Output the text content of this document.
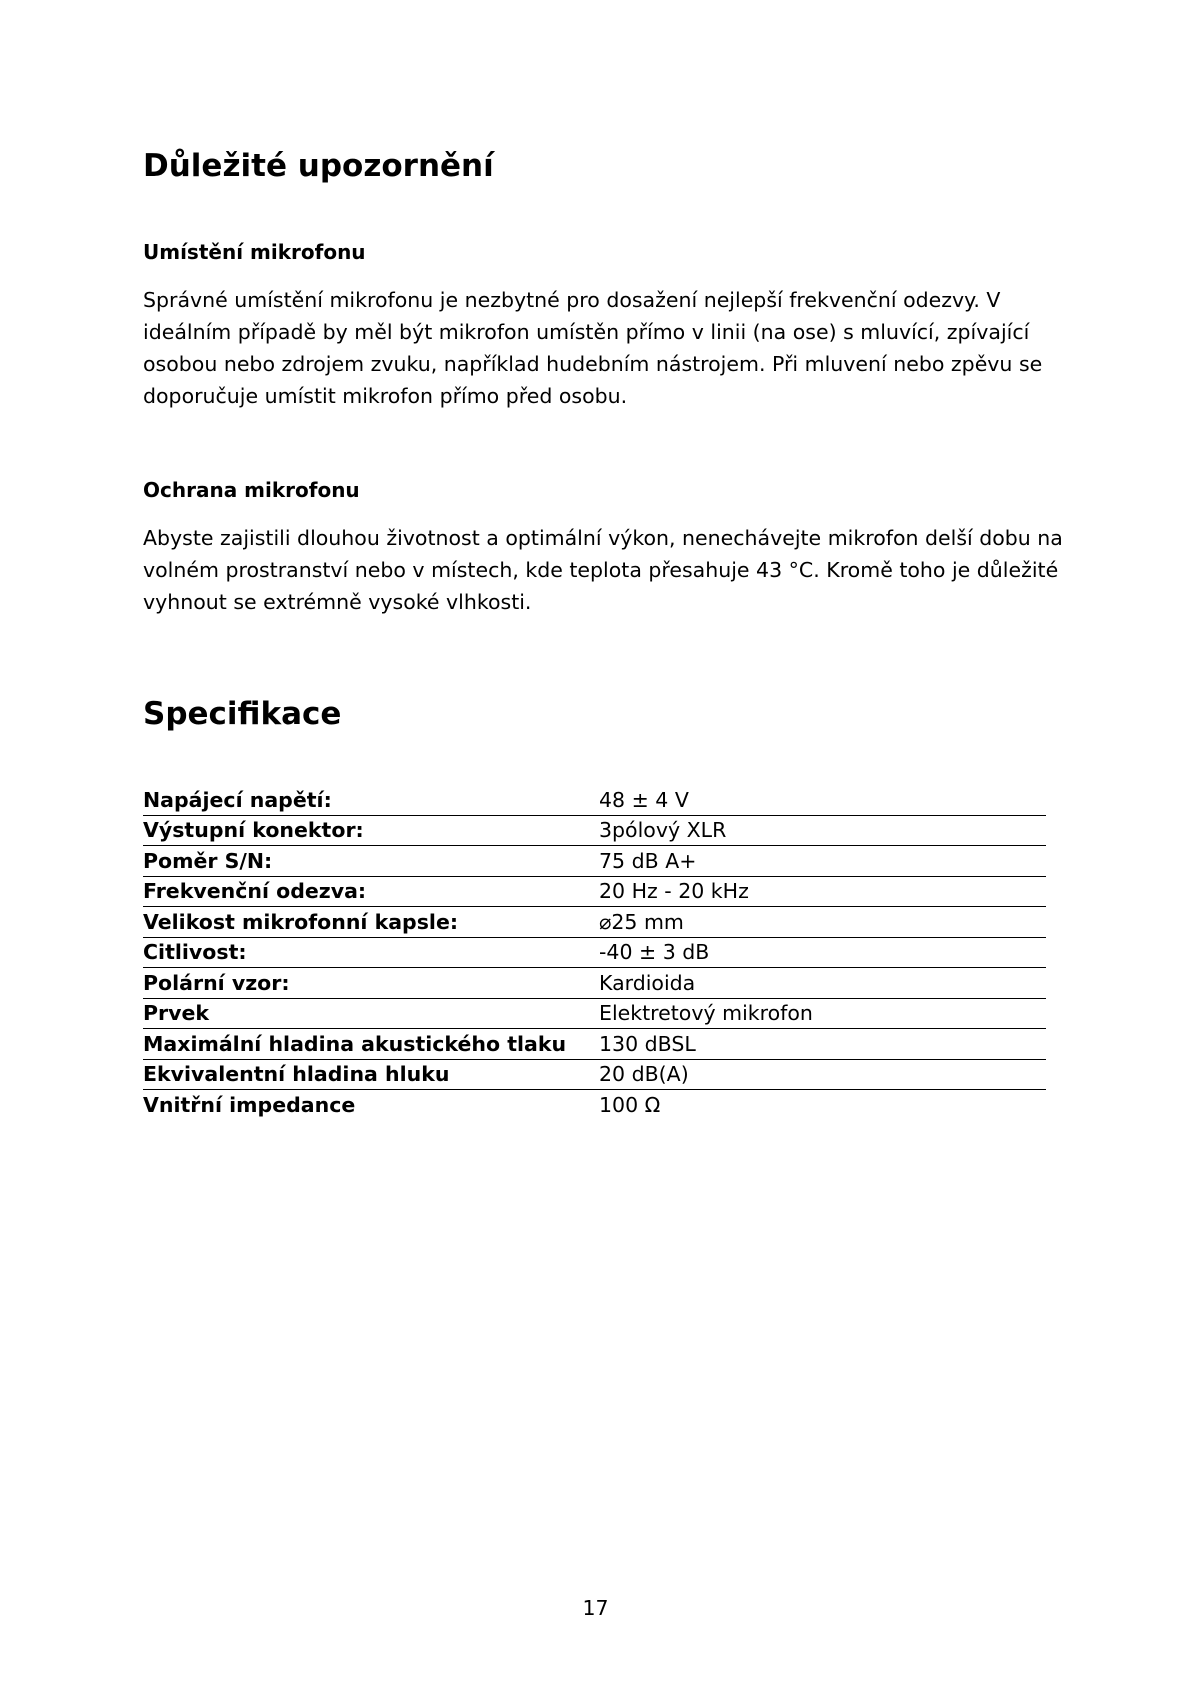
Důležité upozornění
Umístění mikrofonu

Správné umístění mikrofonu je nezbytné pro dosažení nejlepší frekvenční odezvy. V ideálním případě by měl být mikrofon umístěn přímo v linii (na ose) s mluvící, zpívající osobou nebo zdrojem zvuku, například hudebním nástrojem. Při mluvení nebo zpěvu se doporučuje umístit mikrofon přímo před osobu.

Ochrana mikrofonu

Abyste zajistili dlouhou životnost a optimální výkon, nenechávejte mikrofon delší dobu na volném prostranství nebo v místech, kde teplota přesahuje 43 °C. Kromě toho je důležité vyhnout se extrémně vysoké vlhkosti.

Specifikace
Napájecí napětí:	48 ± 4 V
Výstupní konektor:	3pólový XLR
Poměr S/N:	75 dB A+
Frekvenční odezva:	20 Hz - 20 kHz
Velikost mikrofonní kapsle:	⌀25 mm
Citlivost:	-40 ± 3 dB
Polární vzor:	Kardioida
Prvek	Elektretový mikrofon
Maximální hladina akustického tlaku	130 dBSL
Ekvivalentní hladina hluku	20 dB(A)
Vnitřní impedance	100 Ω
17
